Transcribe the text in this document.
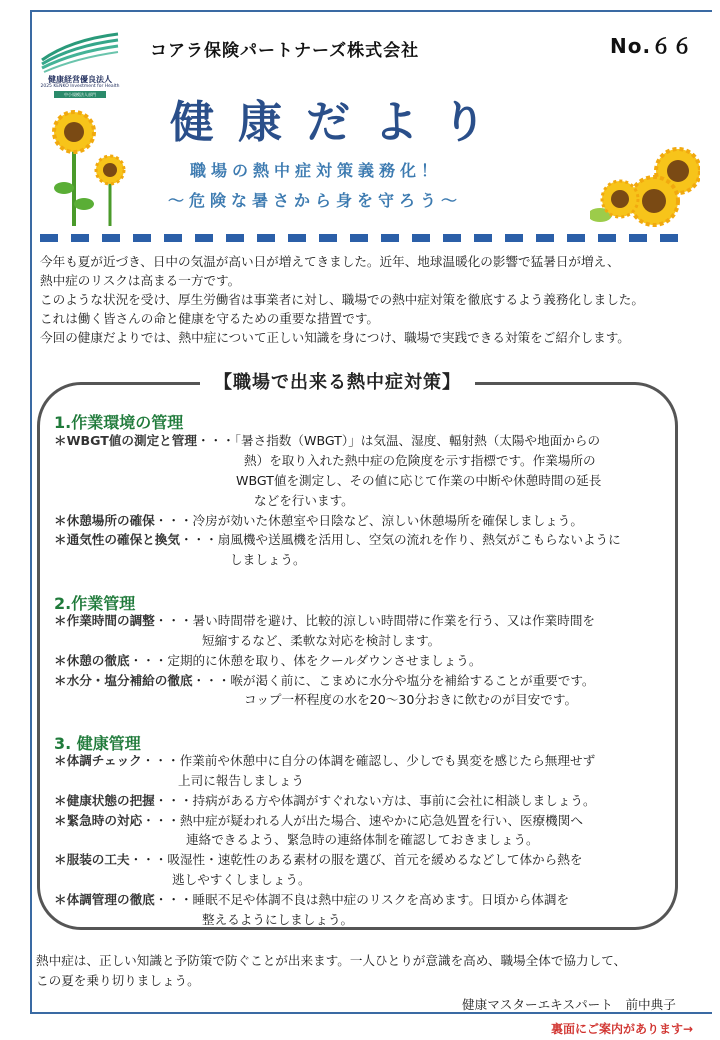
健康経営優良法人
2025 KENKO Investment for Health
中小規模法人部門
コアラ保険パートナーズ株式会社	No.６６
健康だより
職場の熱中症対策義務化！
～危険な暑さから身を守ろう～
今年も夏が近づき、日中の気温が高い日が増えてきました。近年、地球温暖化の影響で猛暑日が増え、
熱中症のリスクは高まる一方です。
このような状況を受け、厚生労働省は事業者に対し、職場での熱中症対策を徹底するよう義務化しました。
これは働く皆さんの命と健康を守るための重要な措置です。
今回の健康だよりでは、熱中症について正しい知識を身につけ、職場で実践できる対策をご紹介します。
【職場で出来る熱中症対策】
1.作業環境の管理
＊WBGT値の測定と管理・・・「暑さ指数（WBGT）」は気温、湿度、輻射熱（太陽や地面からの
熱）を取り入れた熱中症の危険度を示す指標です。作業場所の
WBGT値を測定し、その値に応じて作業の中断や休憩時間の延長
などを行います。
＊休憩場所の確保・・・冷房が効いた休憩室や日陰など、涼しい休憩場所を確保しましょう。
＊通気性の確保と換気・・・扇風機や送風機を活用し、空気の流れを作り、熱気がこもらないように
しましょう。
2.作業管理
＊作業時間の調整・・・暑い時間帯を避け、比較的涼しい時間帯に作業を行う、又は作業時間を
短縮するなど、柔軟な対応を検討します。
＊休憩の徹底・・・定期的に休憩を取り、体をクールダウンさせましょう。
＊水分・塩分補給の徹底・・・喉が渇く前に、こまめに水分や塩分を補給することが重要です。
コップ一杯程度の水を20～30分おきに飲むのが目安です。
3. 健康管理
＊体調チェック・・・作業前や休憩中に自分の体調を確認し、少しでも異変を感じたら無理せず
上司に報告しましょう
＊健康状態の把握・・・持病がある方や体調がすぐれない方は、事前に会社に相談しましょう。
＊緊急時の対応・・・熱中症が疑われる人が出た場合、速やかに応急処置を行い、医療機関へ
連絡できるよう、緊急時の連絡体制を確認しておきましょう。
＊服装の工夫・・・吸湿性・速乾性のある素材の服を選び、首元を緩めるなどして体から熱を
逃しやすくしましょう。
＊体調管理の徹底・・・睡眠不足や体調不良は熱中症のリスクを高めます。日頃から体調を
整えるようにしましょう。
熱中症は、正しい知識と予防策で防ぐことが出来ます。一人ひとりが意識を高め、職場全体で協力して、
この夏を乗り切りましょう。
健康マスターエキスパート　前中典子
裏面にご案内があります→
